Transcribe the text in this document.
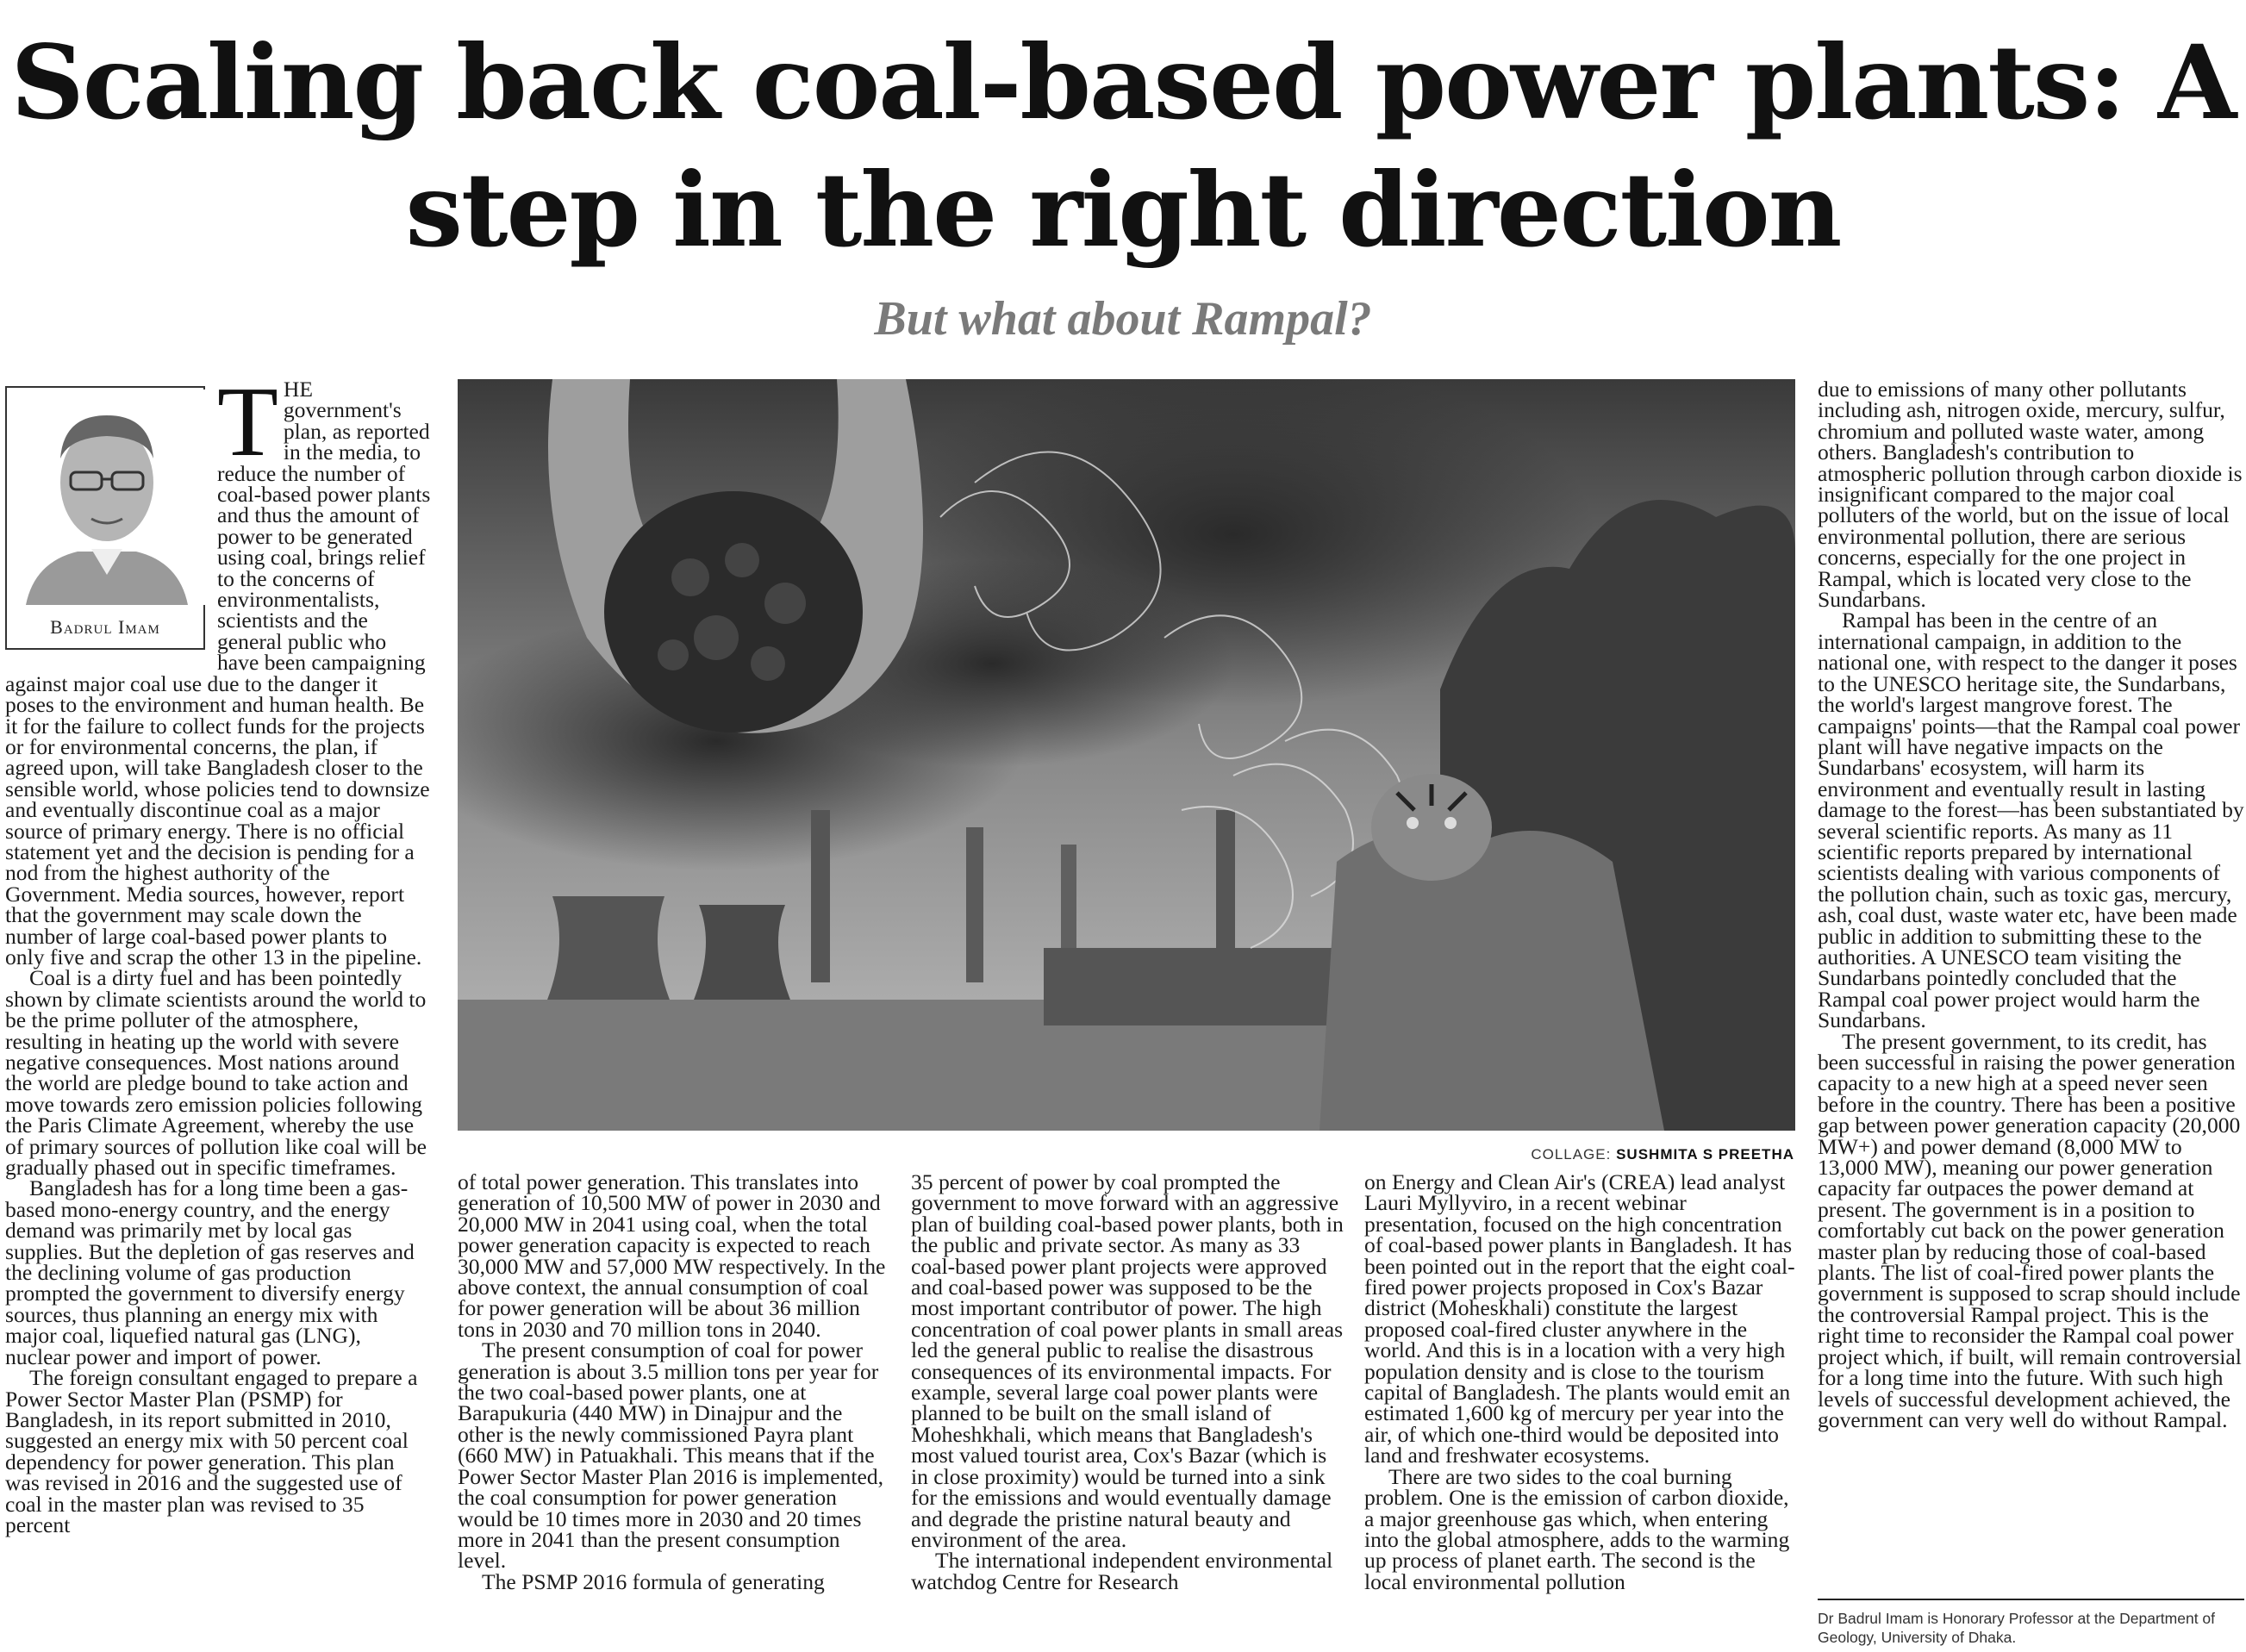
Scaling back coal-based power plants: A step in the right direction
But what about Rampal?
Badrul Imam
T HE government's plan, as reported in the media, to reduce the number of coal-based power plants and thus the amount of power to be generated using coal, brings relief to the concerns of environmentalists, scientists and the general public who have been campaigning against major coal use due to the danger it poses to the environment and human health. Be it for the failure to collect funds for the projects or for environmental concerns, the plan, if agreed upon, will take Bangladesh closer to the sensible world, whose policies tend to downsize and eventually discontinue coal as a major source of primary energy. There is no official statement yet and the decision is pending for a nod from the highest authority of the Government. Media sources, however, report that the government may scale down the number of large coal-based power plants to only five and scrap the other 13 in the pipeline.

Coal is a dirty fuel and has been pointedly shown by climate scientists around the world to be the prime polluter of the atmosphere, resulting in heating up the world with severe negative consequences. Most nations around the world are pledge bound to take action and move towards zero emission policies following the Paris Climate Agreement, whereby the use of primary sources of pollution like coal will be gradually phased out in specific timeframes.

Bangladesh has for a long time been a gas-based mono-energy country, and the energy demand was primarily met by local gas supplies. But the depletion of gas reserves and the declining volume of gas production prompted the government to diversify energy sources, thus planning an energy mix with major coal, liquefied natural gas (LNG), nuclear power and import of power.

The foreign consultant engaged to prepare a Power Sector Master Plan (PSMP) for Bangladesh, in its report submitted in 2010, suggested an energy mix with 50 percent coal dependency for power generation. This plan was revised in 2016 and the suggested use of coal in the master plan was revised to 35 percent

COLLAGE: SUSHMITA S PREETHA

of total power generation. This translates into generation of 10,500 MW of power in 2030 and 20,000 MW in 2041 using coal, when the total power generation capacity is expected to reach 30,000 MW and 57,000 MW respectively. In the above context, the annual consumption of coal for power generation will be about 36 million tons in 2030 and 70 million tons in 2040.

The present consumption of coal for power generation is about 3.5 million tons per year for the two coal-based power plants, one at Barapukuria (440 MW) in Dinajpur and the other is the newly commissioned Payra plant (660 MW) in Patuakhali. This means that if the Power Sector Master Plan 2016 is implemented, the coal consumption for power generation would be 10 times more in 2030 and 20 times more in 2041 than the present consumption level.

The PSMP 2016 formula of generating

35 percent of power by coal prompted the government to move forward with an aggressive plan of building coal-based power plants, both in the public and private sector. As many as 33 coal-based power plant projects were approved and coal-based power was supposed to be the most important contributor of power. The high concentration of coal power plants in small areas led the general public to realise the disastrous consequences of its environmental impacts. For example, several large coal power plants were planned to be built on the small island of Moheshkhali, which means that Bangladesh's most valued tourist area, Cox's Bazar (which is in close proximity) would be turned into a sink for the emissions and would eventually damage and degrade the pristine natural beauty and environment of the area.

The international independent environmental watchdog Centre for Research

on Energy and Clean Air's (CREA) lead analyst Lauri Myllyviro, in a recent webinar presentation, focused on the high concentration of coal-based power plants in Bangladesh. It has been pointed out in the report that the eight coal-fired power projects proposed in Cox's Bazar district (Moheskhali) constitute the largest proposed coal-fired cluster anywhere in the world. And this is in a location with a very high population density and is close to the tourism capital of Bangladesh. The plants would emit an estimated 1,600 kg of mercury per year into the air, of which one-third would be deposited into land and freshwater ecosystems.

There are two sides to the coal burning problem. One is the emission of carbon dioxide, a major greenhouse gas which, when entering into the global atmosphere, adds to the warming up process of planet earth. The second is the local environmental pollution

due to emissions of many other pollutants including ash, nitrogen oxide, mercury, sulfur, chromium and polluted waste water, among others. Bangladesh's contribution to atmospheric pollution through carbon dioxide is insignificant compared to the major coal polluters of the world, but on the issue of local environmental pollution, there are serious concerns, especially for the one project in Rampal, which is located very close to the Sundarbans.

Rampal has been in the centre of an international campaign, in addition to the national one, with respect to the danger it poses to the UNESCO heritage site, the Sundarbans, the world's largest mangrove forest. The campaigns' points—that the Rampal coal power plant will have negative impacts on the Sundarbans' ecosystem, will harm its environment and eventually result in lasting damage to the forest—has been substantiated by several scientific reports. As many as 11 scientific reports prepared by international scientists dealing with various components of the pollution chain, such as toxic gas, mercury, ash, coal dust, waste water etc, have been made public in addition to submitting these to the authorities. A UNESCO team visiting the Sundarbans pointedly concluded that the Rampal coal power project would harm the Sundarbans.

The present government, to its credit, has been successful in raising the power generation capacity to a new high at a speed never seen before in the country. There has been a positive gap between power generation capacity (20,000 MW+) and power demand (8,000 MW to 13,000 MW), meaning our power generation capacity far outpaces the power demand at present. The government is in a position to comfortably cut back on the power generation master plan by reducing those of coal-based plants. The list of coal-fired power plants the government is supposed to scrap should include the controversial Rampal project. This is the right time to reconsider the Rampal coal power project which, if built, will remain controversial for a long time into the future. With such high levels of successful development achieved, the government can very well do without Rampal.

Dr Badrul Imam is Honorary Professor at the Department of Geology, University of Dhaka.
